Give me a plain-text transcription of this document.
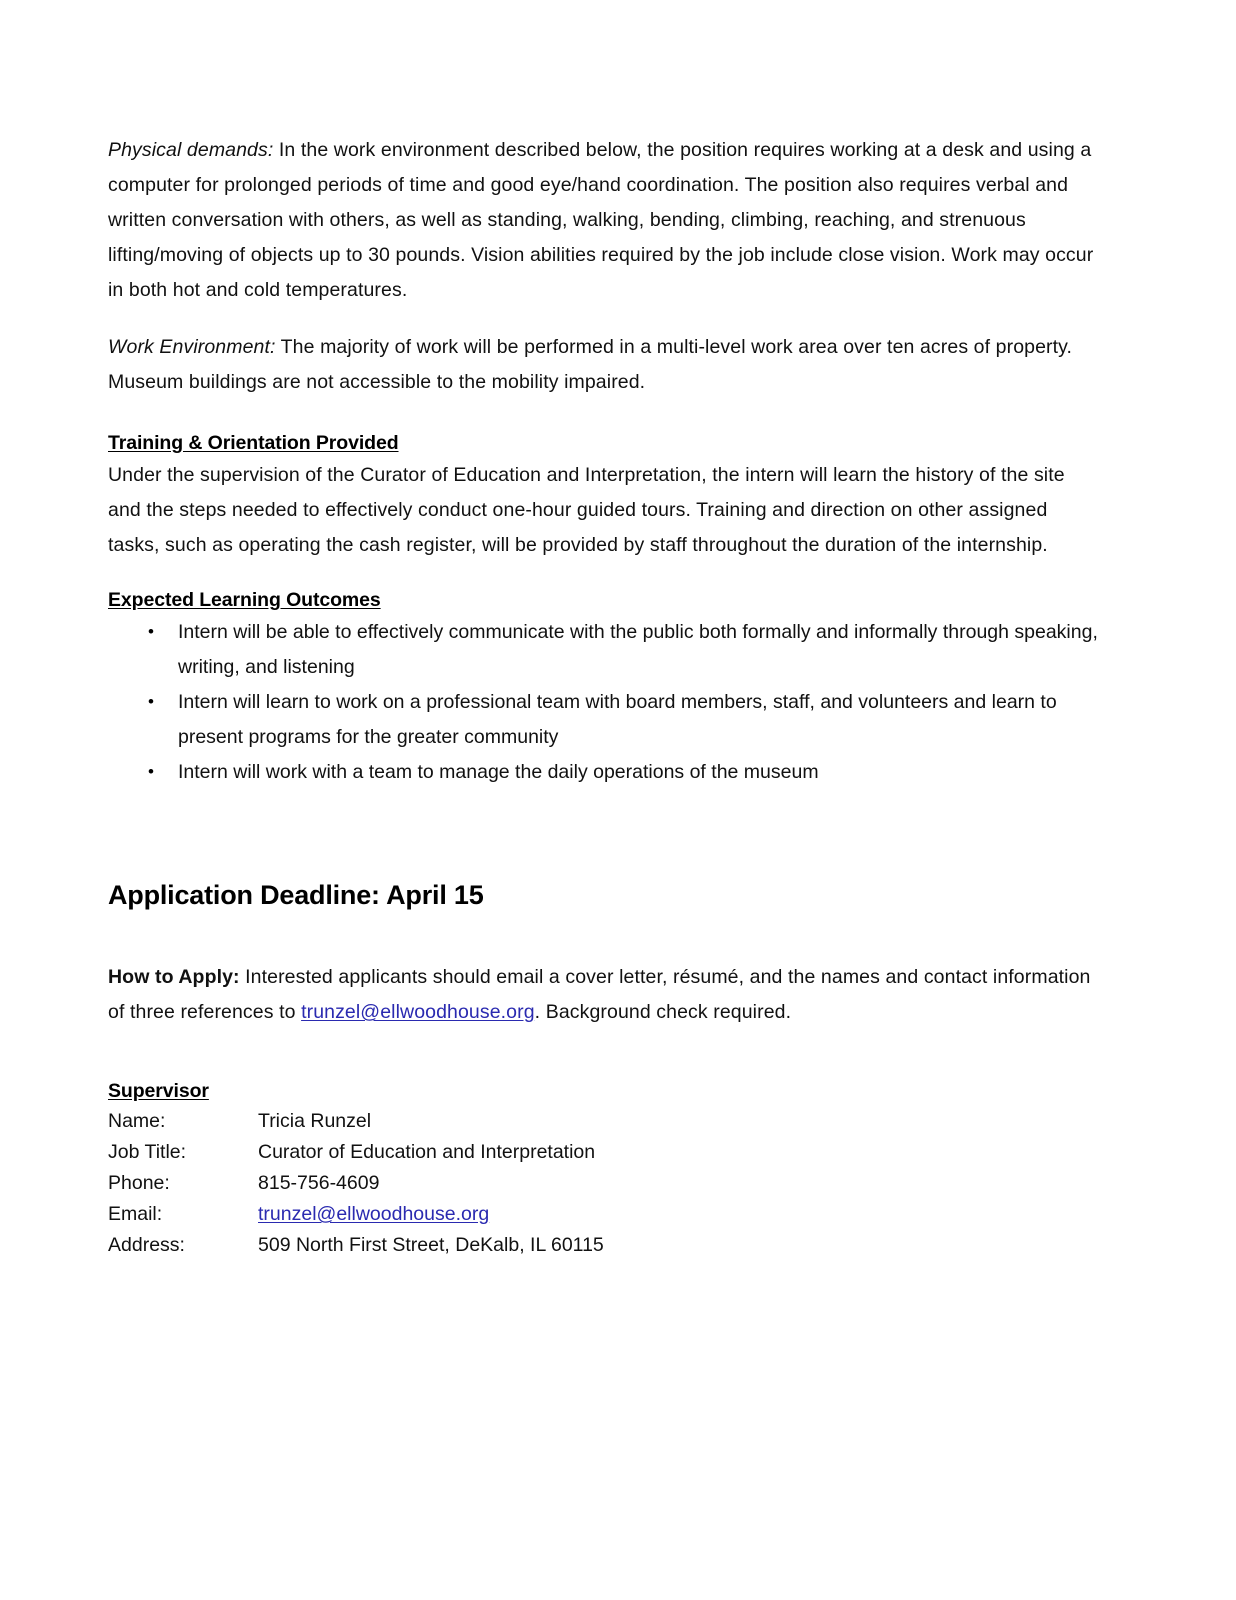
Physical demands: In the work environment described below, the position requires working at a desk and using a computer for prolonged periods of time and good eye/hand coordination. The position also requires verbal and written conversation with others, as well as standing, walking, bending, climbing, reaching, and strenuous lifting/moving of objects up to 30 pounds. Vision abilities required by the job include close vision. Work may occur in both hot and cold temperatures.
Work Environment: The majority of work will be performed in a multi-level work area over ten acres of property. Museum buildings are not accessible to the mobility impaired.
Training & Orientation Provided
Under the supervision of the Curator of Education and Interpretation, the intern will learn the history of the site and the steps needed to effectively conduct one-hour guided tours. Training and direction on other assigned tasks, such as operating the cash register, will be provided by staff throughout the duration of the internship.
Expected Learning Outcomes
• Intern will be able to effectively communicate with the public both formally and informally through speaking, writing, and listening
• Intern will learn to work on a professional team with board members, staff, and volunteers and learn to present programs for the greater community
• Intern will work with a team to manage the daily operations of the museum
Application Deadline: April 15
How to Apply: Interested applicants should email a cover letter, résumé, and the names and contact information of three references to trunzel@ellwoodhouse.org. Background check required.
Supervisor
Name:	Tricia Runzel
Job Title:	Curator of Education and Interpretation
Phone:	815-756-4609
Email:	trunzel@ellwoodhouse.org
Address:	509 North First Street, DeKalb, IL 60115
